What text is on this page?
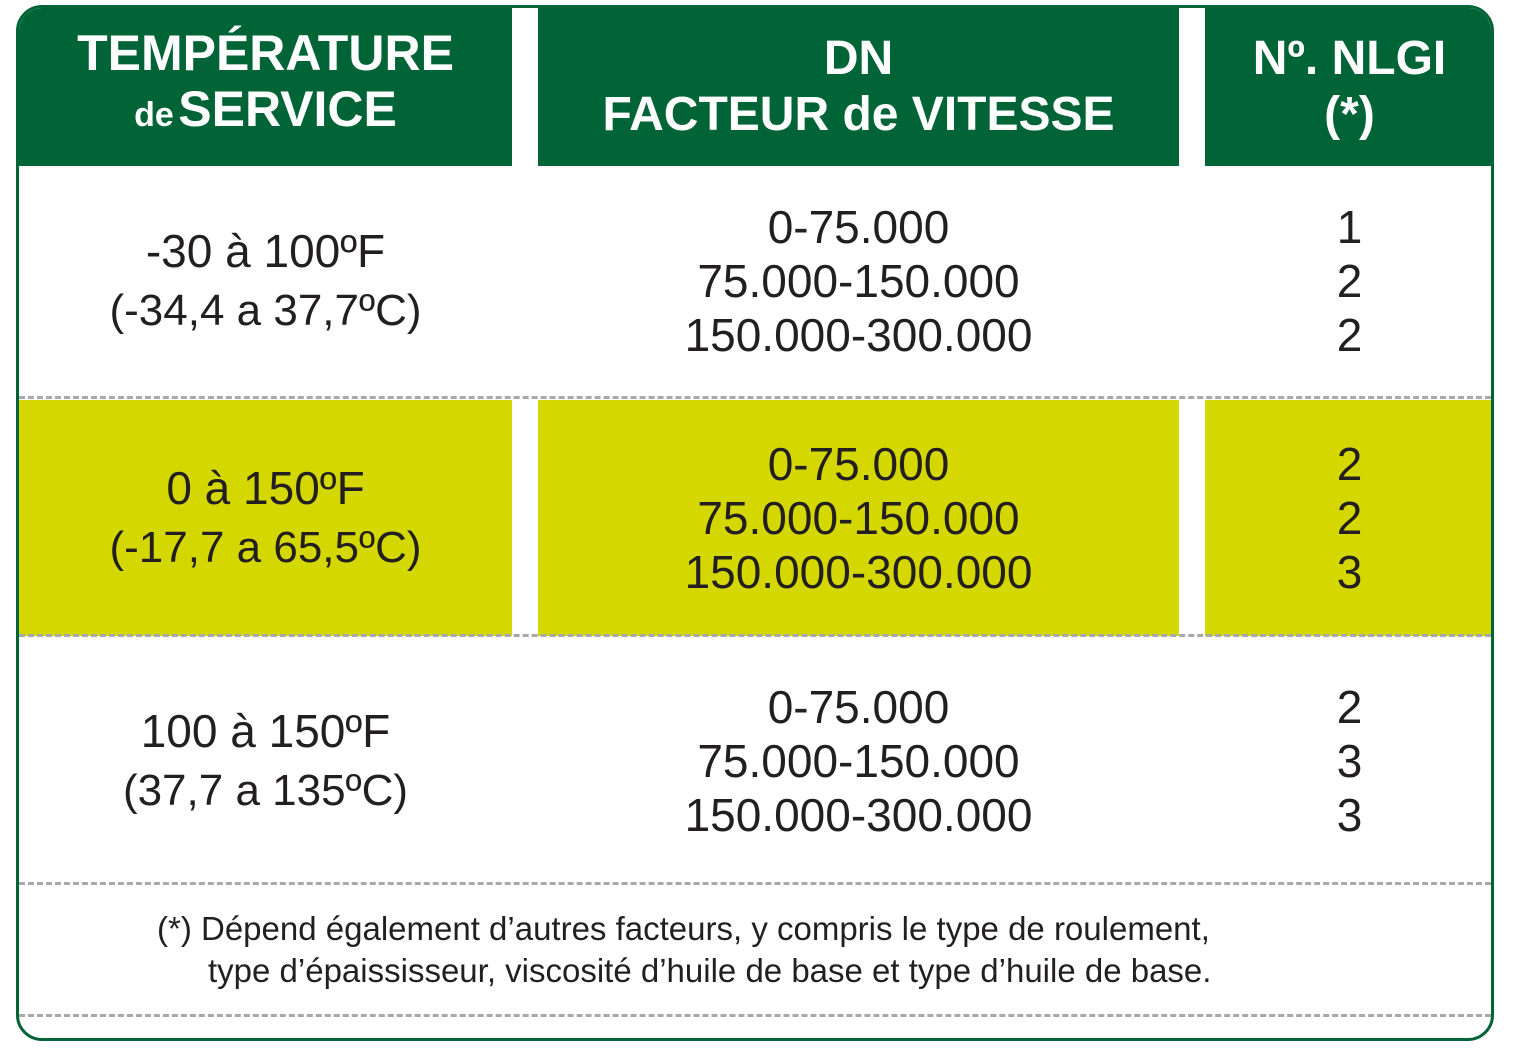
TEMPÉRATURE
de SERVICE
DN
FACTEUR de VITESSE
Nº. NLGI
(*)
-30 à 100ºF
(-34,4 a 37,7ºC)
0-75.000
75.000-150.000
150.000-300.000
1
2
2
0 à 150ºF
(-17,7 a 65,5ºC)
0-75.000
75.000-150.000
150.000-300.000
2
2
3
100 à 150ºF
(37,7 a 135ºC)
0-75.000
75.000-150.000
150.000-300.000
2
3
3
(*) Dépend également d’autres facteurs, y compris le type de roulement,
type d’épaississeur, viscosité d’huile de base et type d’huile de base.
